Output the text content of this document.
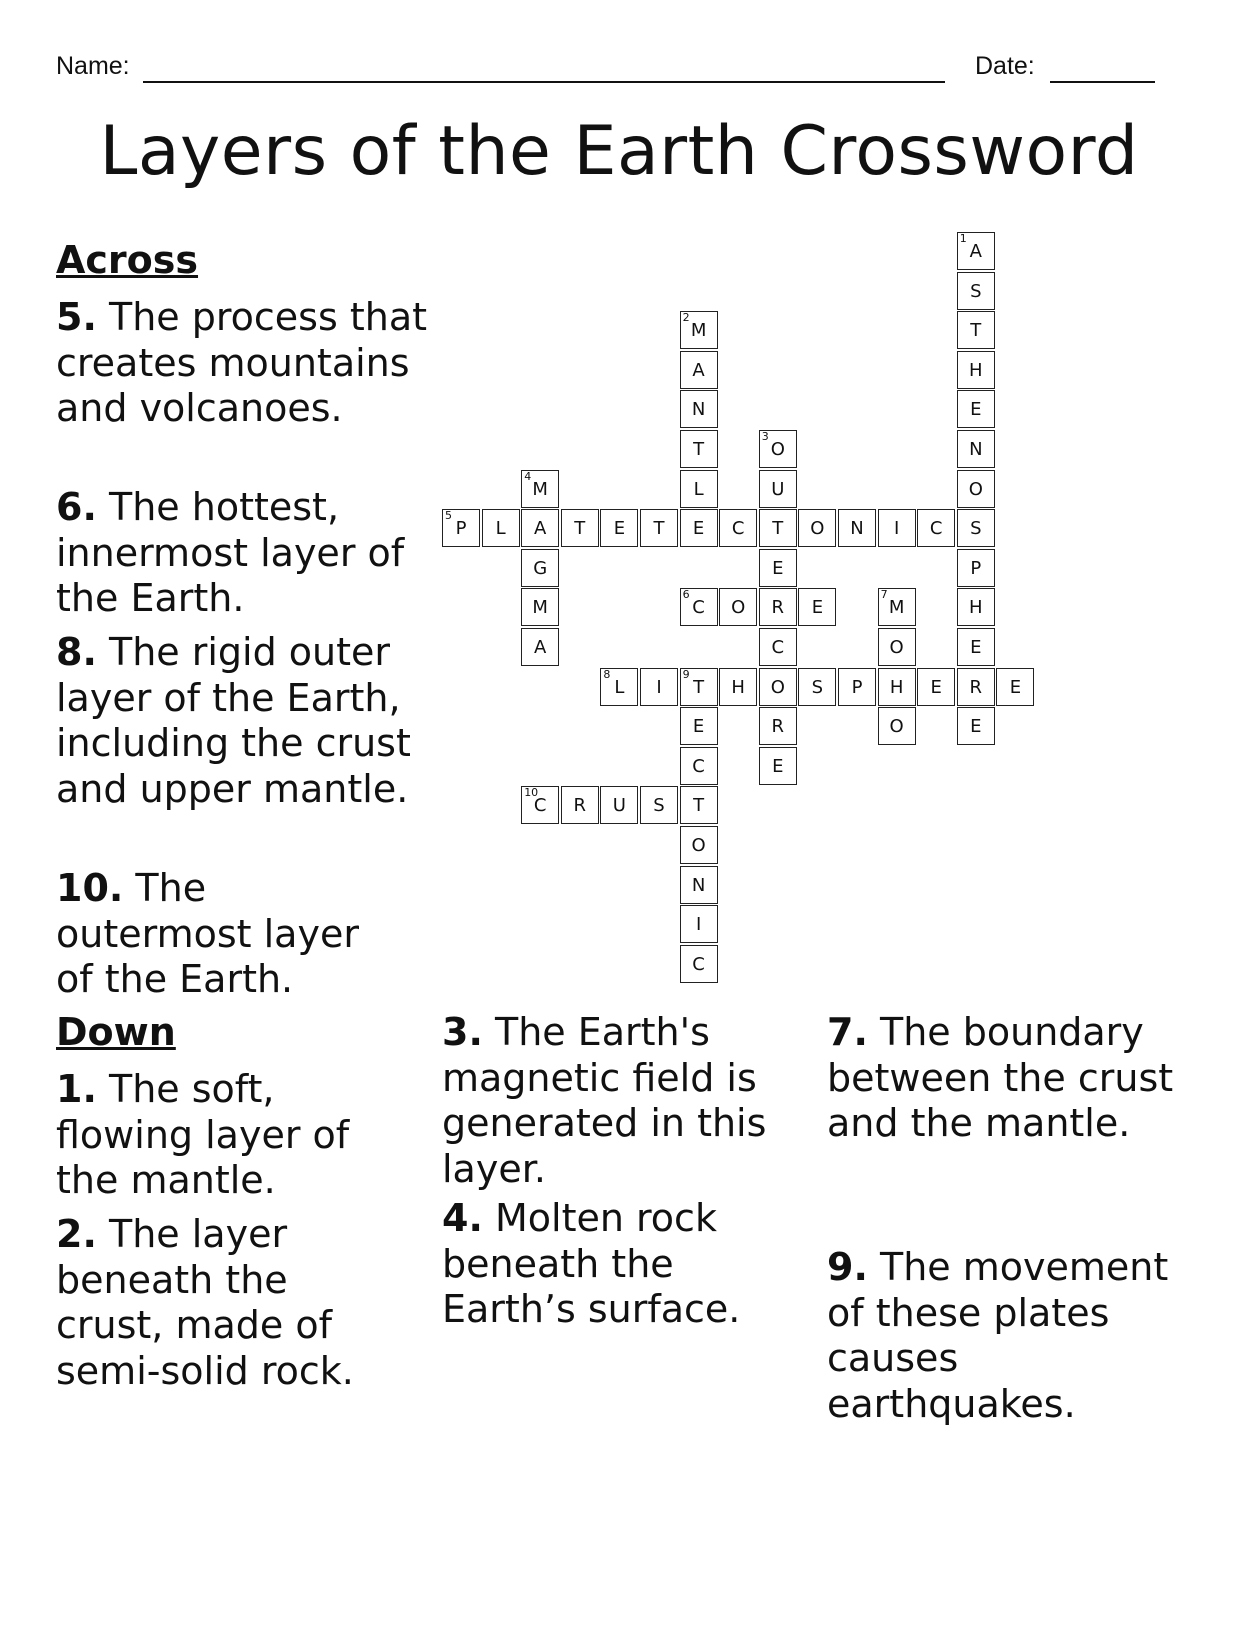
Name:	Date:
Layers of the Earth Crossword
1
A
S
T
H
E
N
O
S
P
H
E
R
E
2
M
A
N
T
L
E
3
O
U
T
E
R
C
O
R
E
4
M
A
G
M
A
5
P	L	T	E	T	C	O	N	I	C
6
C	O	E
7
M
O
H
O
8
L	I
9
T	H	S	P	E	E
E
C
T
O
N
I
C
10
C	R	U	S
Across

5. The process that creates mountains and volcanoes.

6. The hottest, innermost layer of the Earth.

8. The rigid outer layer of the Earth, including the crust and upper mantle.

10. The outermost layer of the Earth.

Down

1. The soft, flowing layer of the mantle.

2. The layer beneath the crust, made of semi-solid rock.

3. The Earth's magnetic field is generated in this layer.

4. Molten rock beneath the Earth’s surface.

7. The boundary between the crust and the mantle.

9. The movement of these plates causes earthquakes.
